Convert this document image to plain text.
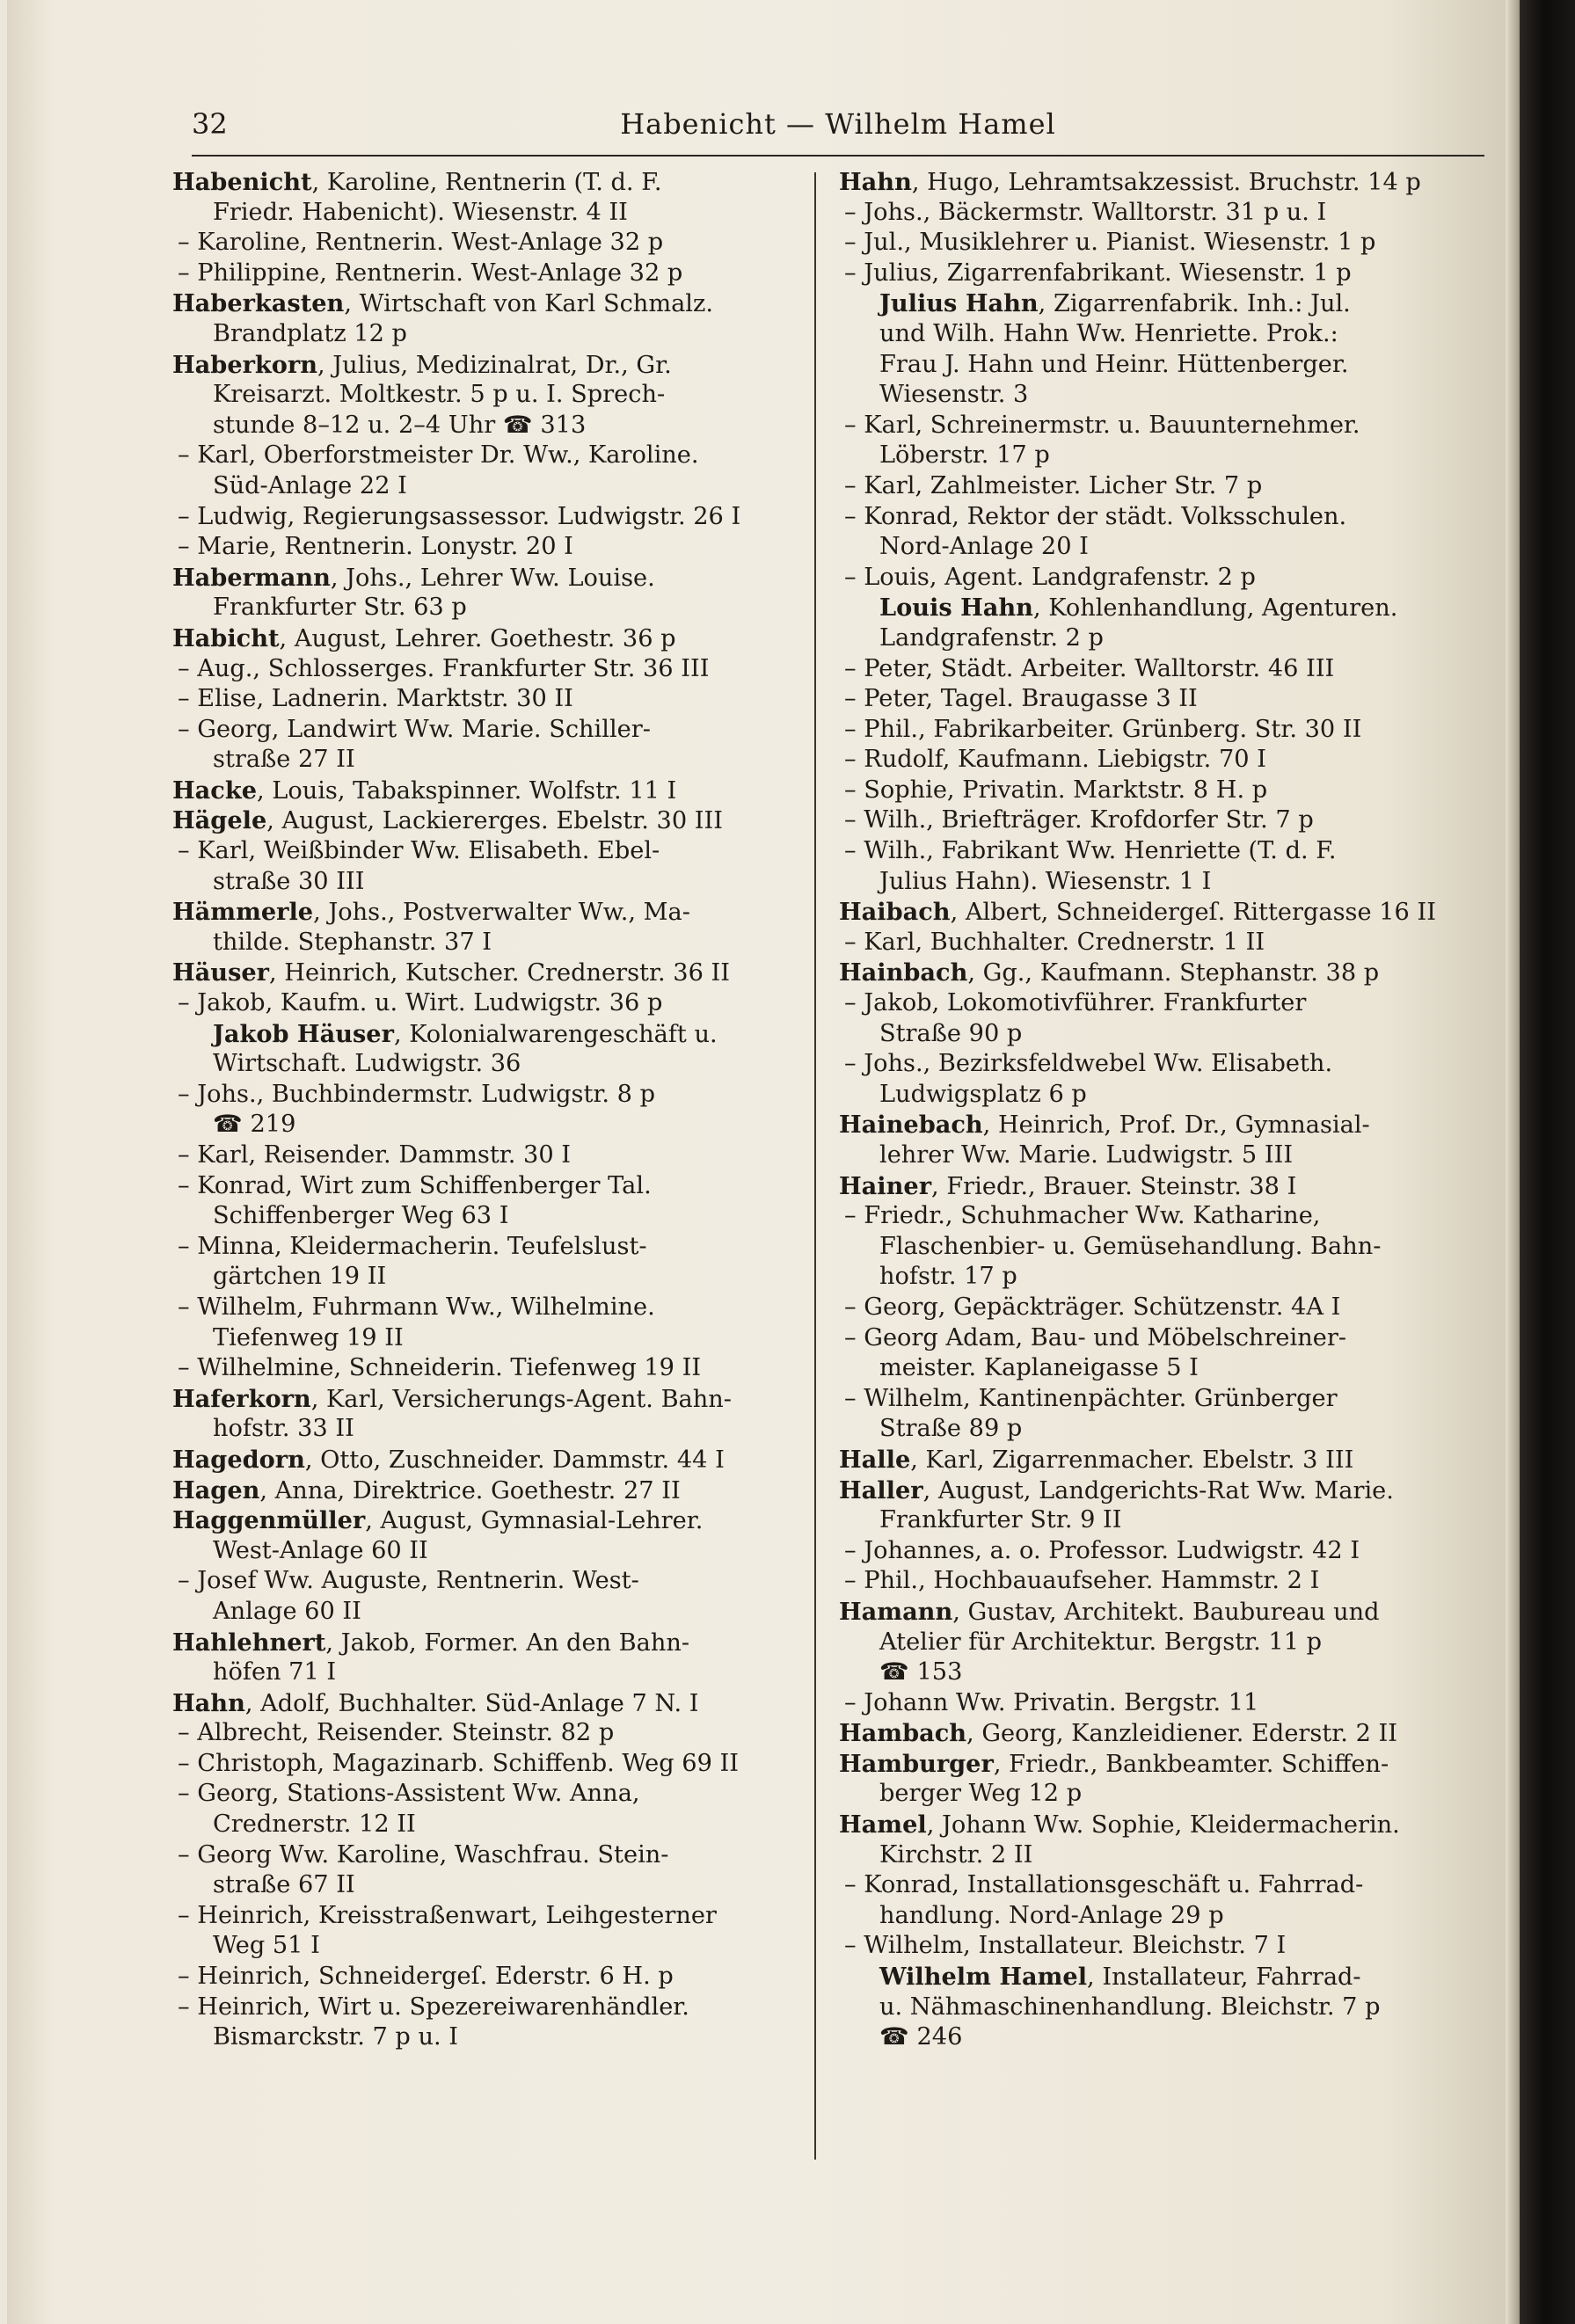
32	Habenicht — Wilhelm Hamel
Habenicht, Karoline, Rentnerin (T. d. F.
Friedr. Habenicht). Wiesenstr. 4 II
– Karoline, Rentnerin. West-Anlage 32 p
– Philippine, Rentnerin. West-Anlage 32 p
Haberkasten, Wirtschaft von Karl Schmalz.
Brandplatz 12 p
Haberkorn, Julius, Medizinalrat, Dr., Gr.
Kreisarzt. Moltkestr. 5 p u. I. Sprech-
stunde 8–12 u. 2–4 Uhr ☎ 313
– Karl, Oberforstmeister Dr. Ww., Karoline.
Süd-Anlage 22 I
– Ludwig, Regierungsassessor. Ludwigstr. 26 I
– Marie, Rentnerin. Lonystr. 20 I
Habermann, Johs., Lehrer Ww. Louise.
Frankfurter Str. 63 p
Habicht, August, Lehrer. Goethestr. 36 p
– Aug., Schlosserges. Frankfurter Str. 36 III
– Elise, Ladnerin. Marktstr. 30 II
– Georg, Landwirt Ww. Marie. Schiller-
straße 27 II
Hacke, Louis, Tabakspinner. Wolfstr. 11 I
Hägele, August, Lackiererges. Ebelstr. 30 III
– Karl, Weißbinder Ww. Elisabeth. Ebel-
straße 30 III
Hämmerle, Johs., Postverwalter Ww., Ma-
thilde. Stephanstr. 37 I
Häuser, Heinrich, Kutscher. Crednerstr. 36 II
– Jakob, Kaufm. u. Wirt. Ludwigstr. 36 p
Jakob Häuser, Kolonialwarengeschäft u.
Wirtschaft. Ludwigstr. 36
– Johs., Buchbindermstr. Ludwigstr. 8 p
☎ 219
– Karl, Reisender. Dammstr. 30 I
– Konrad, Wirt zum Schiffenberger Tal.
Schiffenberger Weg 63 I
– Minna, Kleidermacherin. Teufelslust-
gärtchen 19 II
– Wilhelm, Fuhrmann Ww., Wilhelmine.
Tiefenweg 19 II
– Wilhelmine, Schneiderin. Tiefenweg 19 II
Haferkorn, Karl, Versicherungs-Agent. Bahn-
hofstr. 33 II
Hagedorn, Otto, Zuschneider. Dammstr. 44 I
Hagen, Anna, Direktrice. Goethestr. 27 II
Haggenmüller, August, Gymnasial-Lehrer.
West-Anlage 60 II
– Josef Ww. Auguste, Rentnerin. West-
Anlage 60 II
Hahlehnert, Jakob, Former. An den Bahn-
höfen 71 I
Hahn, Adolf, Buchhalter. Süd-Anlage 7 N. I
– Albrecht, Reisender. Steinstr. 82 p
– Christoph, Magazinarb. Schiffenb. Weg 69 II
– Georg, Stations-Assistent Ww. Anna,
Crednerstr. 12 II
– Georg Ww. Karoline, Waschfrau. Stein-
straße 67 II
– Heinrich, Kreisstraßenwart, Leihgesterner
Weg 51 I
– Heinrich, Schneidergeſ. Ederstr. 6 H. p
– Heinrich, Wirt u. Spezereiwarenhändler.
Bismarckstr. 7 p u. I
Hahn, Hugo, Lehramtsakzessist. Bruchstr. 14 p
– Johs., Bäckermstr. Walltorstr. 31 p u. I
– Jul., Musiklehrer u. Pianist. Wiesenstr. 1 p
– Julius, Zigarrenfabrikant. Wiesenstr. 1 p
Julius Hahn, Zigarrenfabrik. Inh.: Jul.
und Wilh. Hahn Ww. Henriette. Prok.:
Frau J. Hahn und Heinr. Hüttenberger.
Wiesenstr. 3
– Karl, Schreinermstr. u. Bauunternehmer.
Löberstr. 17 p
– Karl, Zahlmeister. Licher Str. 7 p
– Konrad, Rektor der städt. Volksschulen.
Nord-Anlage 20 I
– Louis, Agent. Landgrafenstr. 2 p
Louis Hahn, Kohlenhandlung, Agenturen.
Landgrafenstr. 2 p
– Peter, Städt. Arbeiter. Walltorstr. 46 III
– Peter, Tagel. Braugasse 3 II
– Phil., Fabrikarbeiter. Grünberg. Str. 30 II
– Rudolf, Kaufmann. Liebigstr. 70 I
– Sophie, Privatin. Marktstr. 8 H. p
– Wilh., Briefträger. Krofdorfer Str. 7 p
– Wilh., Fabrikant Ww. Henriette (T. d. F.
Julius Hahn). Wiesenstr. 1 I
Haibach, Albert, Schneidergeſ. Rittergasse 16 II
– Karl, Buchhalter. Crednerstr. 1 II
Hainbach, Gg., Kaufmann. Stephanstr. 38 p
– Jakob, Lokomotivführer. Frankfurter
Straße 90 p
– Johs., Bezirksfeldwebel Ww. Elisabeth.
Ludwigsplatz 6 p
Hainebach, Heinrich, Prof. Dr., Gymnasial-
lehrer Ww. Marie. Ludwigstr. 5 III
Hainer, Friedr., Brauer. Steinstr. 38 I
– Friedr., Schuhmacher Ww. Katharine,
Flaschenbier- u. Gemüsehandlung. Bahn-
hofstr. 17 p
– Georg, Gepäckträger. Schützenstr. 4A I
– Georg Adam, Bau- und Möbelschreiner-
meister. Kaplaneigasse 5 I
– Wilhelm, Kantinenpächter. Grünberger
Straße 89 p
Halle, Karl, Zigarrenmacher. Ebelstr. 3 III
Haller, August, Landgerichts-Rat Ww. Marie.
Frankfurter Str. 9 II
– Johannes, a. o. Professor. Ludwigstr. 42 I
– Phil., Hochbauaufseher. Hammstr. 2 I
Hamann, Gustav, Architekt. Baubureau und
Atelier für Architektur. Bergstr. 11 p
☎ 153
– Johann Ww. Privatin. Bergstr. 11
Hambach, Georg, Kanzleidiener. Ederstr. 2 II
Hamburger, Friedr., Bankbeamter. Schiffen-
berger Weg 12 p
Hamel, Johann Ww. Sophie, Kleidermacherin.
Kirchstr. 2 II
– Konrad, Installationsgeschäft u. Fahrrad-
handlung. Nord-Anlage 29 p
– Wilhelm, Installateur. Bleichstr. 7 I
Wilhelm Hamel, Installateur, Fahrrad-
u. Nähmaschinenhandlung. Bleichstr. 7 p
☎ 246
